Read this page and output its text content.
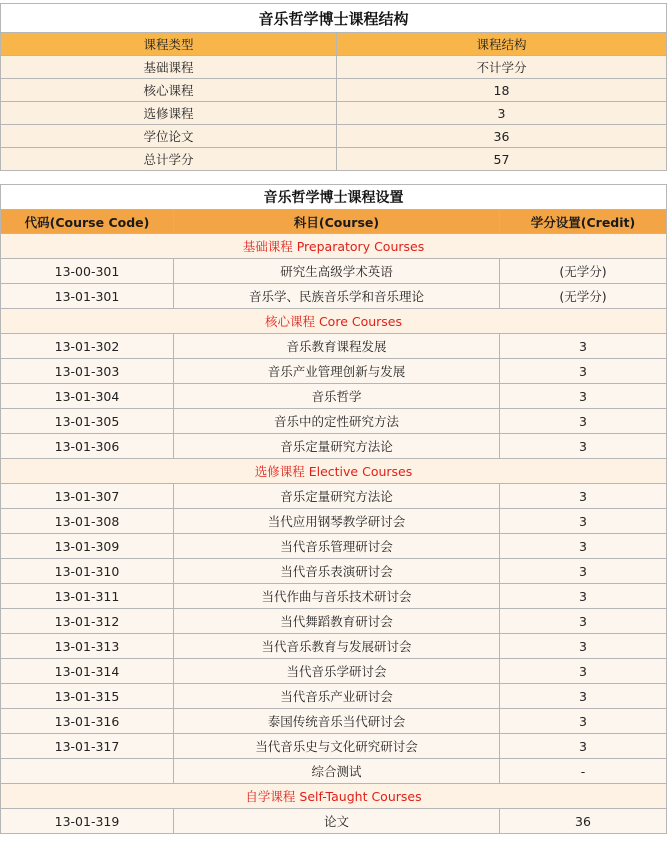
音乐哲学博士课程结构	
课程类型	课程结构
基础课程	不计学分
核心课程	18
选修课程	3
学位论文	36
总计学分	57
音乐哲学博士课程设置		
代码(Course Code)	科目(Course)	学分设置(Credit)
基础课程 Preparatory Courses		
13-00-301	研究生高级学术英语	(无学分)
13-01-301	音乐学、民族音乐学和音乐理论	(无学分)
核心课程 Core Courses		
13-01-302	音乐教育课程发展	3
13-01-303	音乐产业管理创新与发展	3
13-01-304	音乐哲学	3
13-01-305	音乐中的定性研究方法	3
13-01-306	音乐定量研究方法论	3
选修课程 Elective Courses		
13-01-307	音乐定量研究方法论	3
13-01-308	当代应用钢琴教学研讨会	3
13-01-309	当代音乐管理研讨会	3
13-01-310	当代音乐表演研讨会	3
13-01-311	当代作曲与音乐技术研讨会	3
13-01-312	当代舞蹈教育研讨会	3
13-01-313	当代音乐教育与发展研讨会	3
13-01-314	当代音乐学研讨会	3
13-01-315	当代音乐产业研讨会	3
13-01-316	泰国传统音乐当代研讨会	3
13-01-317	当代音乐史与文化研究研讨会	3
	综合测试	-
自学课程 Self-Taught Courses		
13-01-319	论文	36
